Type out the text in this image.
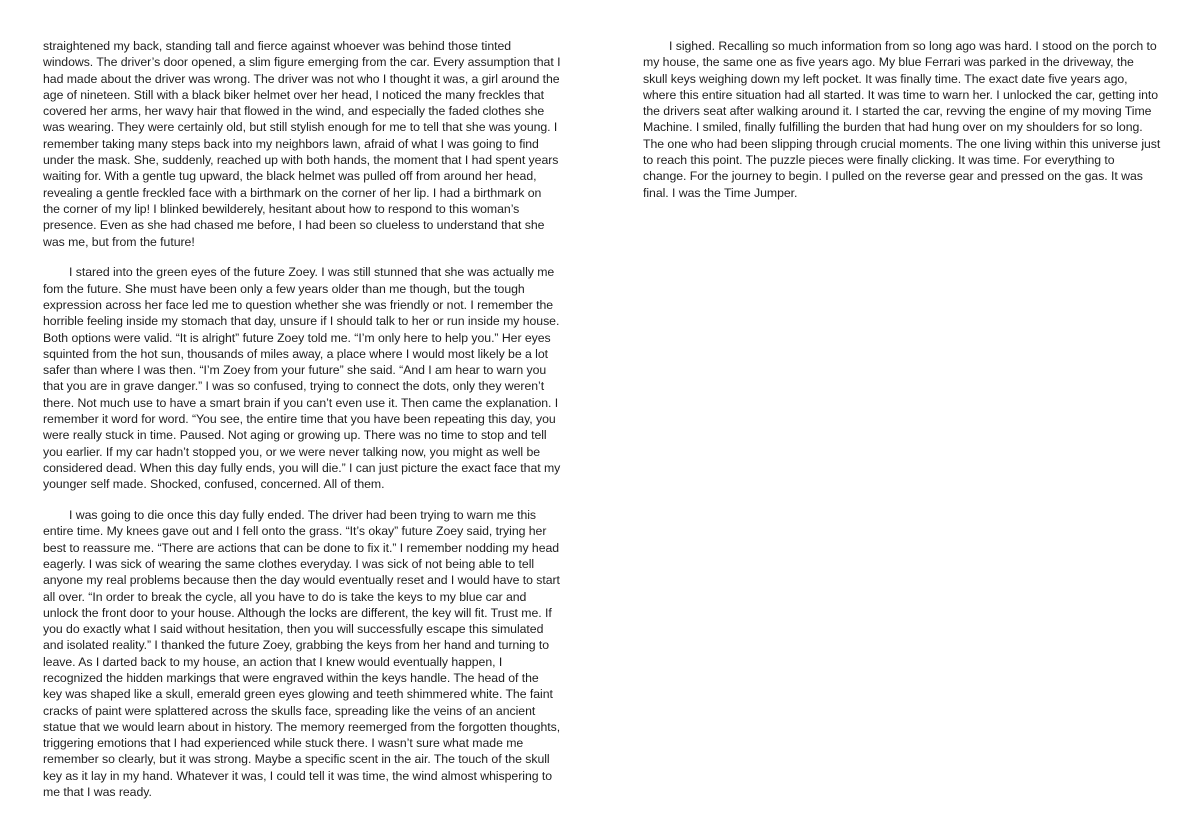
straightened my back, standing tall and fierce against whoever was behind those tinted windows. The driver’s door opened, a slim figure emerging from the car. Every assumption that I had made about the driver was wrong. The driver was not who I thought it was, a girl around the age of nineteen. Still with a black biker helmet over her head, I noticed the many freckles that covered her arms, her wavy hair that flowed in the wind, and especially the faded clothes she was wearing. They were certainly old, but still stylish enough for me to tell that she was young. I remember taking many steps back into my neighbors lawn, afraid of what I was going to find under the mask. She, suddenly, reached up with both hands, the moment that I had spent years waiting for. With a gentle tug upward, the black helmet was pulled off from around her head, revealing a gentle freckled face with a birthmark on the corner of her lip. I had a birthmark on the corner of my lip! I blinked bewilderely, hesitant about how to respond to this woman’s presence. Even as she had chased me before, I had been so clueless to understand that she was me, but from the future!

I stared into the green eyes of the future Zoey. I was still stunned that she was actually me fom the future. She must have been only a few years older than me though, but the tough expression across her face led me to question whether she was friendly or not. I remember the horrible feeling inside my stomach that day, unsure if I should talk to her or run inside my house. Both options were valid. “It is alright” future Zoey told me. “I’m only here to help you.” Her eyes squinted from the hot sun, thousands of miles away, a place where I would most likely be a lot safer than where I was then. “I’m Zoey from your future” she said. “And I am hear to warn you that you are in grave danger.” I was so confused, trying to connect the dots, only they weren’t there. Not much use to have a smart brain if you can’t even use it. Then came the explanation. I remember it word for word. “You see, the entire time that you have been repeating this day, you were really stuck in time. Paused. Not aging or growing up. There was no time to stop and tell you earlier. If my car hadn’t stopped you, or we were never talking now, you might as well be considered dead. When this day fully ends, you will die.” I can just picture the exact face that my younger self made. Shocked, confused, concerned. All of them.

I was going to die once this day fully ended. The driver had been trying to warn me this entire time. My knees gave out and I fell onto the grass. “It’s okay” future Zoey said, trying her best to reassure me. “There are actions that can be done to fix it.” I remember nodding my head eagerly. I was sick of wearing the same clothes everyday. I was sick of not being able to tell anyone my real problems because then the day would eventually reset and I would have to start all over. “In order to break the cycle, all you have to do is take the keys to my blue car and unlock the front door to your house. Although the locks are different, the key will fit. Trust me. If you do exactly what I said without hesitation, then you will successfully escape this simulated and isolated reality.” I thanked the future Zoey, grabbing the keys from her hand and turning to leave. As I darted back to my house, an action that I knew would eventually happen, I recognized the hidden markings that were engraved within the keys handle. The head of the key was shaped like a skull, emerald green eyes glowing and teeth shimmered white. The faint cracks of paint were splattered across the skulls face, spreading like the veins of an ancient statue that we would learn about in history. The memory reemerged from the forgotten thoughts, triggering emotions that I had experienced while stuck there. I wasn’t sure what made me remember so clearly, but it was strong. Maybe a specific scent in the air. The touch of the skull key as it lay in my hand. Whatever it was, I could tell it was time, the wind almost whispering to me that I was ready.

I sighed. Recalling so much information from so long ago was hard. I stood on the porch to my house, the same one as five years ago. My blue Ferrari was parked in the driveway, the skull keys weighing down my left pocket. It was finally time. The exact date five years ago, where this entire situation had all started. It was time to warn her. I unlocked the car, getting into the drivers seat after walking around it. I started the car, revving the engine of my moving Time Machine. I smiled, finally fulfilling the burden that had hung over on my shoulders for so long. The one who had been slipping through crucial moments. The one living within this universe just to reach this point. The puzzle pieces were finally clicking. It was time. For everything to change. For the journey to begin. I pulled on the reverse gear and pressed on the gas. It was final. I was the Time Jumper.
